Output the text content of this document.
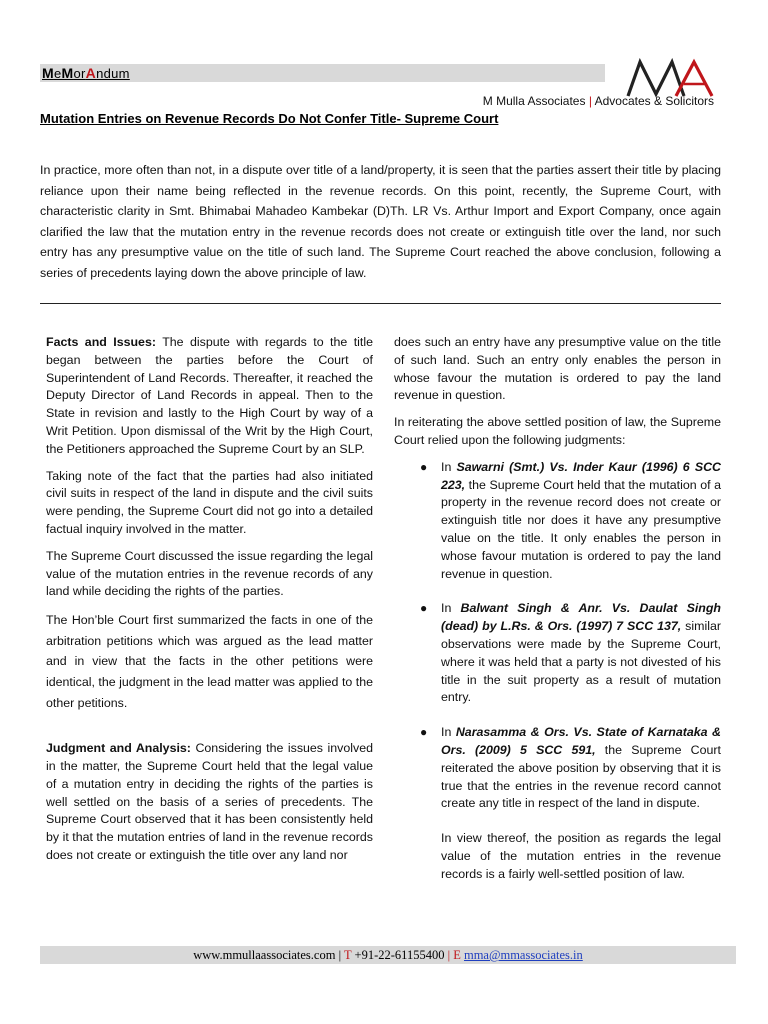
MeMorAndum
M Mulla Associates | Advocates & Solicitors
Mutation Entries on Revenue Records Do Not Confer Title- Supreme Court

In practice, more often than not, in a dispute over title of a land/property, it is seen that the parties assert their title by placing reliance upon their name being reflected in the revenue records. On this point, recently, the Supreme Court, with characteristic clarity in Smt. Bhimabai Mahadeo Kambekar (D)Th. LR Vs. Arthur Import and Export Company, once again clarified the law that the mutation entry in the revenue records does not create or extinguish title over the land, nor such entry has any presumptive value on the title of such land. The Supreme Court reached the above conclusion, following a series of precedents laying down the above principle of law.

Facts and Issues: The dispute with regards to the title began between the parties before the Court of Superintendent of Land Records. Thereafter, it reached the Deputy Director of Land Records in appeal. Then to the State in revision and lastly to the High Court by way of a Writ Petition. Upon dismissal of the Writ by the High Court, the Petitioners approached the Supreme Court by an SLP.

Taking note of the fact that the parties had also initiated civil suits in respect of the land in dispute and the civil suits were pending, the Supreme Court did not go into a detailed factual inquiry involved in the matter.

The Supreme Court discussed the issue regarding the legal value of the mutation entries in the revenue records of any land while deciding the rights of the parties.

The Hon’ble Court first summarized the facts in one of the arbitration petitions which was argued as the lead matter and in view that the facts in the other petitions were identical, the judgment in the lead matter was applied to the other petitions.

Judgment and Analysis: Considering the issues involved in the matter, the Supreme Court held that the legal value of a mutation entry in deciding the rights of the parties is well settled on the basis of a series of precedents. The Supreme Court observed that it has been consistently held by it that the mutation entries of land in the revenue records does not create or extinguish the title over any land nor

does such an entry have any presumptive value on the title of such land. Such an entry only enables the person in whose favour the mutation is ordered to pay the land revenue in question.

In reiterating the above settled position of law, the Supreme Court relied upon the following judgments:

● In Sawarni (Smt.) Vs. Inder Kaur (1996) 6 SCC 223, the Supreme Court held that the mutation of a property in the revenue record does not create or extinguish title nor does it have any presumptive value on the title. It only enables the person in whose favour mutation is ordered to pay the land revenue in question.
● In Balwant Singh & Anr. Vs. Daulat Singh (dead) by L.Rs. & Ors. (1997) 7 SCC 137, similar observations were made by the Supreme Court, where it was held that a party is not divested of his title in the suit property as a result of mutation entry.
● In Narasamma & Ors. Vs. State of Karnataka & Ors. (2009) 5 SCC 591, the Supreme Court reiterated the above position by observing that it is true that the entries in the revenue record cannot create any title in respect of the land in dispute.

In view thereof, the position as regards the legal value of the mutation entries in the revenue records is a fairly well-settled position of law.

www.mmullaassociates.com | T +91-22-61155400 | E mma@mmassociates.in
